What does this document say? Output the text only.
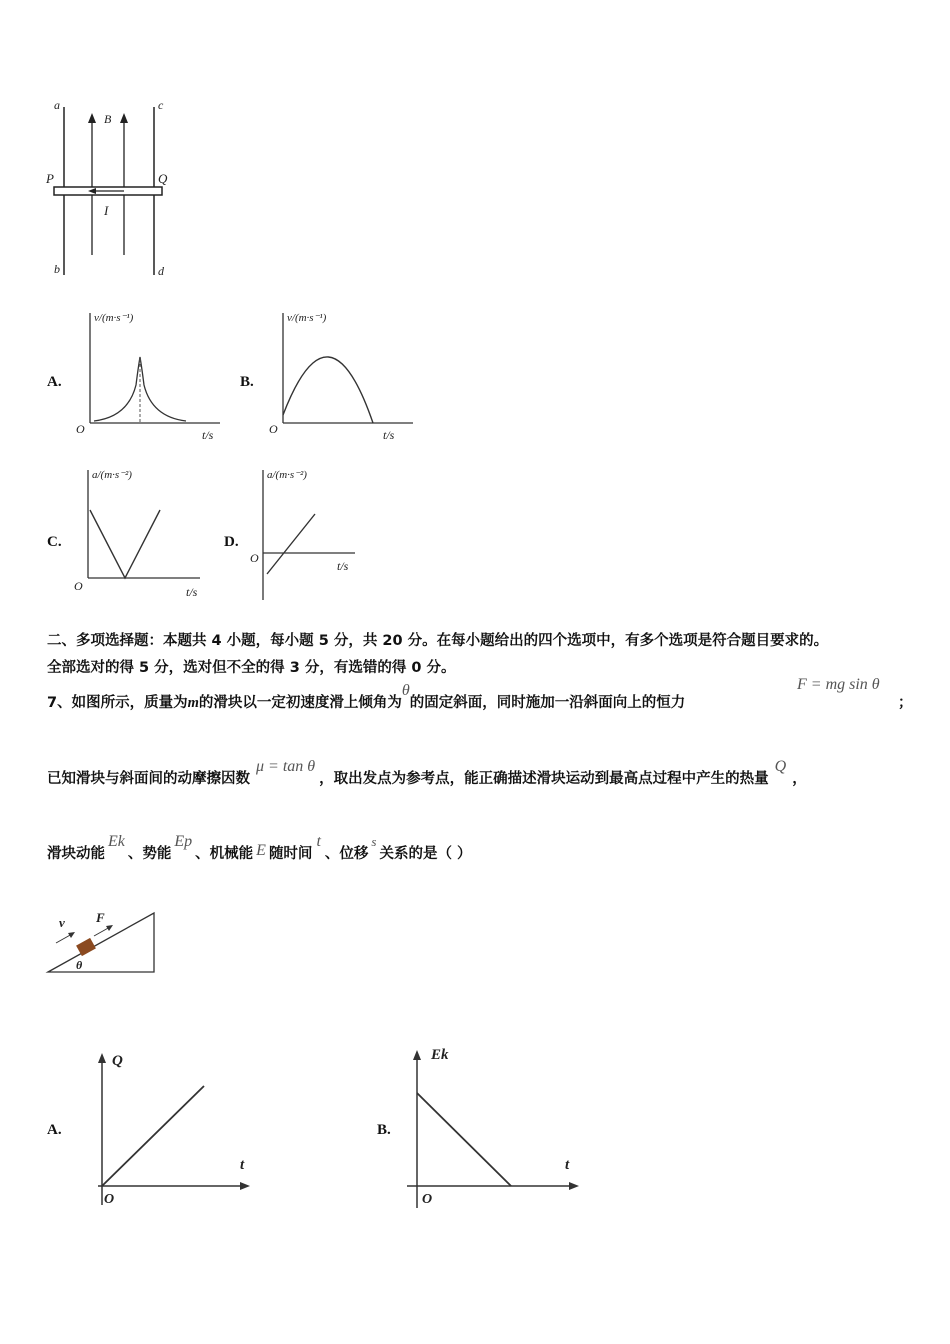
a	c
b	d
P	Q
B
I
A.
v/(m·s⁻¹)
O	t/s
B.
v/(m·s⁻¹)
O	t/s
C.
a/(m·s⁻²)
O	t/s
D.
a/(m·s⁻²)
O
t/s
二、多项选择题：本题共 4 小题，每小题 5 分，共 20 分。在每小题给出的四个选项中，有多个选项是符合题目要求的。
全部选对的得 5 分，选对但不全的得 3 分，有选错的得 0 分。
7、如图所示，质量为m的滑块以一定初速度滑上倾角为θ的固定斜面，同时施加一沿斜面向上的恒力
F = mg sin θ
；
已知滑块与斜面间的动摩擦因数μ = tan θ，取出发点为参考点，能正确描述滑块运动到最高点过程中产生的热量Q，
滑块动能Ek、势能Ep、机械能 E 随时间t、位移s关系的是（ ）
v F
θ
A.
Q
O
t
B.
Ek
O
t
